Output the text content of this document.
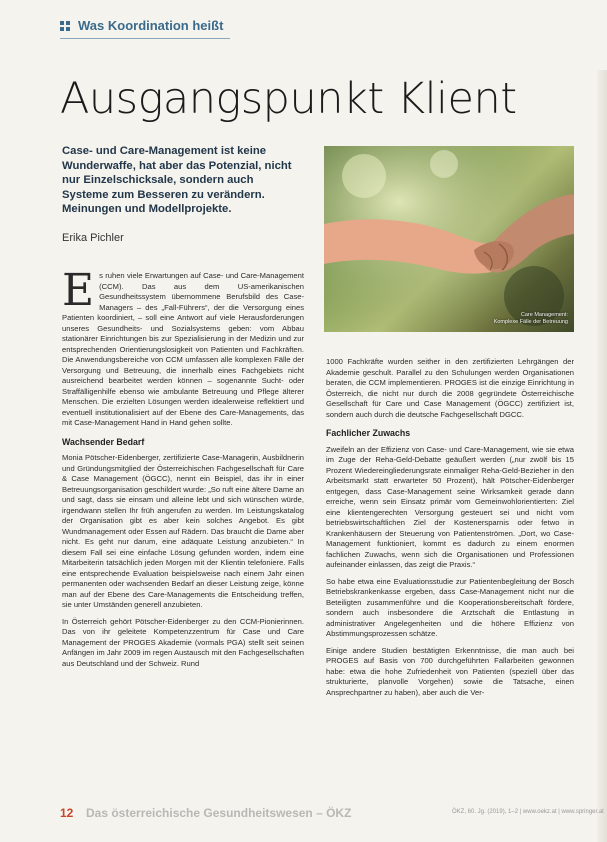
Was Koordination heißt
Ausgangspunkt Klient
Case- und Care-Management ist keine Wunderwaffe, hat aber das Potenzial, nicht nur Einzelschicksale, sondern auch Systeme zum Besseren zu verändern. Meinungen und Modellprojekte.
Erika Pichler
Care Management:
Komplexe Fälle der Betreuung

Es ruhen viele Erwartungen auf Case- und Care-Management (CCM). Das aus dem US-amerikanischen Gesundheitssystem übernommene Berufsbild des Case-Managers – des „Fall-Führers“, der die Versorgung eines Patienten koordiniert, – soll eine Antwort auf viele Herausforderungen unseres Gesundheits- und Sozialsystems geben: vom Abbau stationärer Einrichtungen bis zur Spezialisierung in der Medizin und zur entsprechenden Orientierungslosigkeit von Patienten und Fachkräften. Die Anwendungsbereiche von CCM umfassen alle komplexen Fälle der Versorgung und Betreuung, die innerhalb eines Fachgebiets nicht ausreichend bearbeitet werden können – sogenannte Sucht- oder Straffälligenhilfe ebenso wie ambulante Betreuung und Pflege älterer Menschen. Die erzielten Lösungen werden idealerweise reflektiert und eventuell institutionalisiert auf der Ebene des Care-Managements, das mit Case-Management Hand in Hand gehen sollte.

Wachsender Bedarf

Monia Pötscher-Eidenberger, zertifizierte Case-Managerin, Ausbildnerin und Gründungsmitglied der Österreichischen Fachgesellschaft für Care & Case Management (ÖGCC), nennt ein Beispiel, das ihr in einer Betreuungsorganisation geschildert wurde: „So ruft eine ältere Dame an und sagt, dass sie einsam und alleine lebt und sich wünschen würde, irgendwann stellen Ihr früh angerufen zu werden. Im Leistungskatalog der Organisation gibt es aber kein solches Angebot. Es gibt Wundmanagement oder Essen auf Rädern. Das braucht die Dame aber nicht. Es geht nur darum, eine adäquate Leistung anzubieten.“ In diesem Fall sei eine einfache Lösung gefunden worden, indem eine Mitarbeiterin tatsächlich jeden Morgen mit der Klientin telefoniere. Falls eine entsprechende Evaluation beispielsweise nach einem Jahr einen permanenten oder wachsenden Bedarf an dieser Leistung zeige, könne man auf der Ebene des Care-Managements die Entscheidung treffen, sie unter Umständen generell anzubieten.

In Österreich gehört Pötscher-Eidenberger zu den CCM-Pionierinnen. Das von ihr geleitete Kompetenzzentrum für Case und Care Management der PROGES Akademie (vormals PGA) stellt seit seinen Anfängen im Jahr 2009 im regen Austausch mit den Fachgesellschaften aus Deutschland und der Schweiz. Rund

1000 Fachkräfte wurden seither in den zertifizierten Lehrgängen der Akademie geschult. Parallel zu den Schulungen werden Organisationen beraten, die CCM implementieren. PROGES ist die einzige Einrichtung in Österreich, die nicht nur durch die 2008 gegründete Österreichische Gesellschaft für Care und Case Management (ÖGCC) zertifiziert ist, sondern auch durch die deutsche Fachgesellschaft DGCC.

Fachlicher Zuwachs

Zweifeln an der Effizienz von Case- und Care-Management, wie sie etwa im Zuge der Reha-Geld-Debatte geäußert werden („nur zwölf bis 15 Prozent Wiedereingliederungsrate einmaliger Reha-Geld-Bezieher in den Arbeitsmarkt statt erwarteter 50 Prozent), hält Pötscher-Eidenberger entgegen, dass Case-Management seine Wirksamkeit gerade dann erreiche, wenn sein Einsatz primär vom Gemeinwohlorientierten: Ziel eine klientengerechten Versorgung gesteuert sei und nicht vom betriebswirtschaftlichen Ziel der Kostenersparnis oder fetwo in Krankenhäusern der Steuerung von Patientenströmen. „Dort, wo Case-Management funktioniert, kommt es dadurch zu einem enormen fachlichen Zuwachs, wenn sich die Organisationen und Professionen aufeinander einlassen, das zeigt die Praxis.“

So habe etwa eine Evaluationsstudie zur Patientenbegleitung der Bosch Betriebskrankenkasse ergeben, dass Case-Management nicht nur die Beteiligten zusammenführe und die Kooperationsbereitschaft fördere, sondern auch insbesondere die Arztschaft die Entlastung in administrativer Angelegenheiten und die höhere Effizienz von Abstimmungsprozessen schätze.

Einige andere Studien bestätigten Erkenntnisse, die man auch bei PROGES auf Basis von 700 durchgeführten Fallarbeiten gewonnen habe: etwa die hohe Zufriedenheit von Patienten (speziell über das strukturierte, planvolle Vorgehen) sowie die Tatsache, einen Ansprechpartner zu haben), aber auch die Ver-

12 Das österreichische Gesundheitswesen – ÖKZ	ÖKZ, 60. Jg. (2019), 1–2 | www.oekz.at | www.springer.at
